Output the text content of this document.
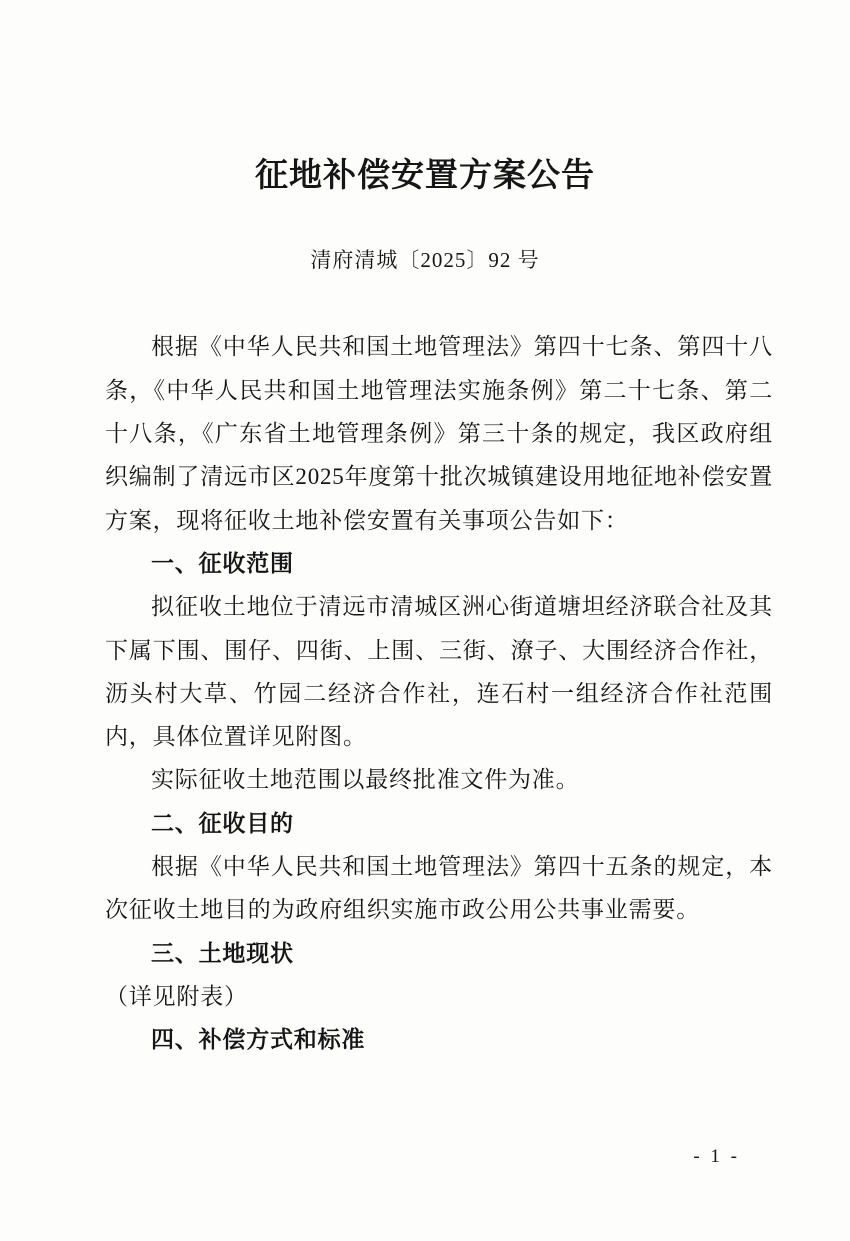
征地补偿安置方案公告
清府清城〔2025〕92 号

根据《中华人民共和国土地管理法》第四十七条、第四十八条，《中华人民共和国土地管理法实施条例》第二十七条、第二十八条，《广东省土地管理条例》第三十条的规定，我区政府组织编制了清远市区2025年度第十批次城镇建设用地征地补偿安置方案，现将征收土地补偿安置有关事项公告如下：

一、征收范围

拟征收土地位于清远市清城区洲心街道塘坦经济联合社及其下属下围、围仔、四街、上围、三街、潦子、大围经济合作社，沥头村大草、竹园二经济合作社，连石村一组经济合作社范围内，具体位置详见附图。

实际征收土地范围以最终批准文件为准。

二、征收目的

根据《中华人民共和国土地管理法》第四十五条的规定，本次征收土地目的为政府组织实施市政公用公共事业需要。

三、土地现状

（详见附表）

四、补偿方式和标准

- 1 -
